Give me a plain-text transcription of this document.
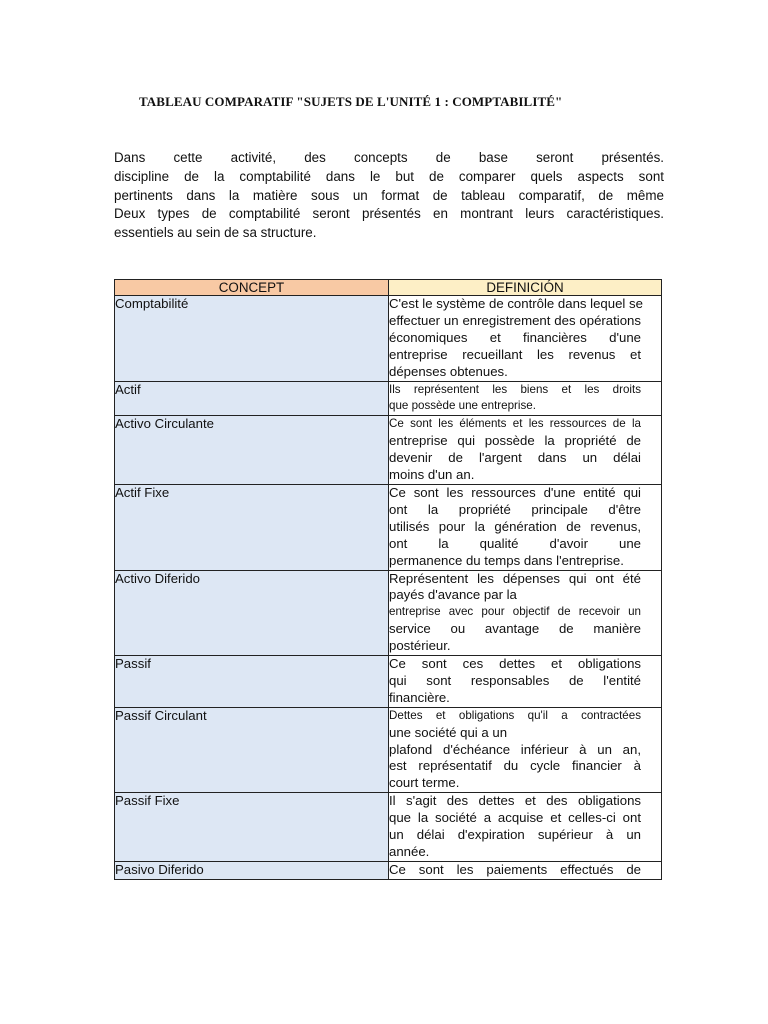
TABLEAU COMPARATIF "SUJETS DE L'UNITÉ 1 : COMPTABILITÉ"
Dans cette activité, des concepts de base seront présentés.
discipline de la comptabilité dans le but de comparer quels aspects sont
pertinents dans la matière sous un format de tableau comparatif, de même
Deux types de comptabilité seront présentés en montrant leurs caractéristiques.
essentiels au sein de sa structure.
CONCEPT	DEFINICIÓN
Comptabilité	C'est le système de contrôle dans lequel se
effectuer un enregistrement des opérations
économiques et financières d'une
entreprise recueillant les revenus et
dépenses obtenues.

Actif	Ils représentent les biens et les droits
que possède une entreprise.

Activo Circulante	Ce sont les éléments et les ressources de la
entreprise qui possède la propriété de
devenir de l'argent dans un délai
moins d'un an.

Actif Fixe	Ce sont les ressources d'une entité qui
ont la propriété principale d'être
utilisés pour la génération de revenus,
ont la qualité d'avoir une
permanence du temps dans l'entreprise.

Activo Diferido	Représentent les dépenses qui ont été
payés d'avance par la
entreprise avec pour objectif de recevoir un
service ou avantage de manière
postérieur.

Passif	Ce sont ces dettes et obligations
qui sont responsables de l'entité
financière.

Passif Circulant	Dettes et obligations qu'il a contractées
une société qui a un
plafond d'échéance inférieur à un an,
est représentatif du cycle financier à
court terme.

Passif Fixe	Il s'agit des dettes et des obligations
que la société a acquise et celles-ci ont
un délai d'expiration supérieur à un
année.

Pasivo Diferido	Ce sont les paiements effectués de
